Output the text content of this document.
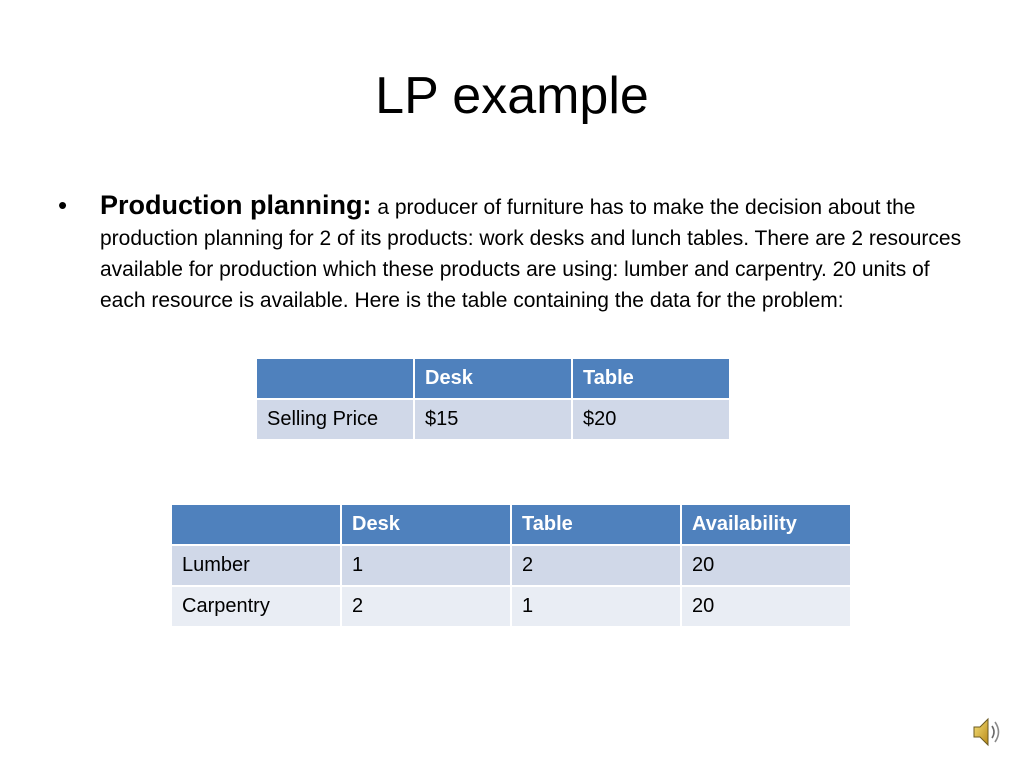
LP example
• Production planning: a producer of furniture has to make the decision about the production planning for 2 of its products: work desks and lunch tables. There are 2 resources available for production which these products are using: lumber and carpentry. 20 units of each resource is available. Here is the table containing the data for the problem:
	Desk	Table
Selling Price	$15	$20
	Desk	Table	Availability
Lumber	1	2	20
Carpentry	2	1	20
